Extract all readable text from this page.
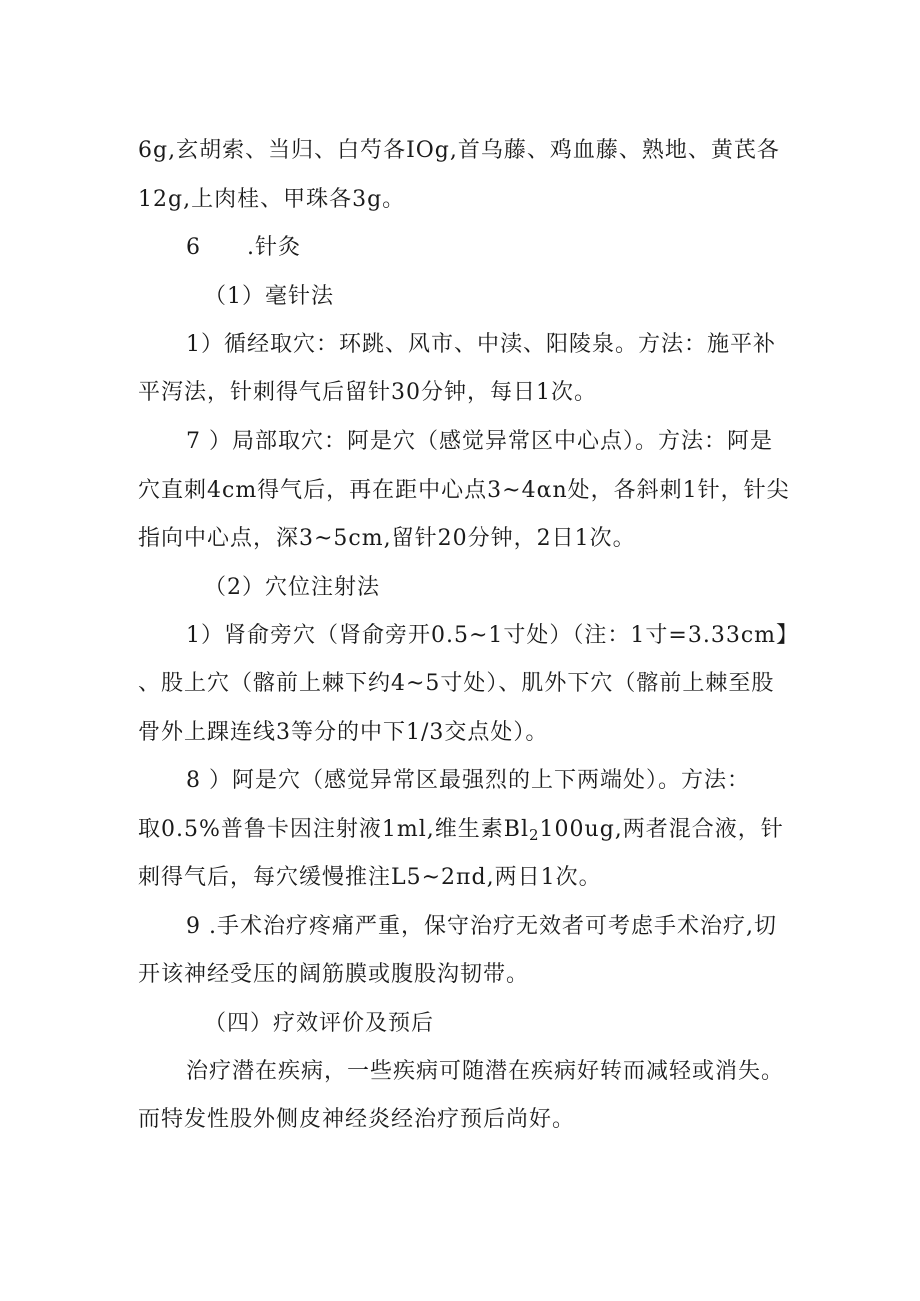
6g,玄胡索、当归、白芍各IOg,首乌藤、鸡血藤、熟地、黄芪各
12g,上肉桂、甲珠各3g。
6　　.针灸
（1）毫针法
1）循经取穴：环跳、风市、中渎、阳陵泉。方法：施平补
平泻法，针刺得气后留针30分钟，每日1次。
7 ）局部取穴：阿是穴（感觉异常区中心点）。方法：阿是
穴直刺4cm得气后，再在距中心点3~4αn处，各斜刺1针，针尖
指向中心点，深3~5cm,留针20分钟，2日1次。
（2）穴位注射法
1）肾俞旁穴（肾俞旁开0.5~1寸处）（注：1寸=3.33cm】
、股上穴（髂前上棘下约4~5寸处）、肌外下穴（髂前上棘至股
骨外上踝连线3等分的中下1/3交点处）。
8 ）阿是穴（感觉异常区最强烈的上下两端处）。方法：
取0.5%普鲁卡因注射液1ml,维生素$Bl_2100ug$,两者混合液，针
刺得气后，每穴缓慢推注L5~2πd,两日1次。
9 .手术治疗疼痛严重，保守治疗无效者可考虑手术治疗,切
开该神经受压的阔筋膜或腹股沟韧带。
（四）疗效评价及预后
治疗潜在疾病，一些疾病可随潜在疾病好转而减轻或消失。
而特发性股外侧皮神经炎经治疗预后尚好。
